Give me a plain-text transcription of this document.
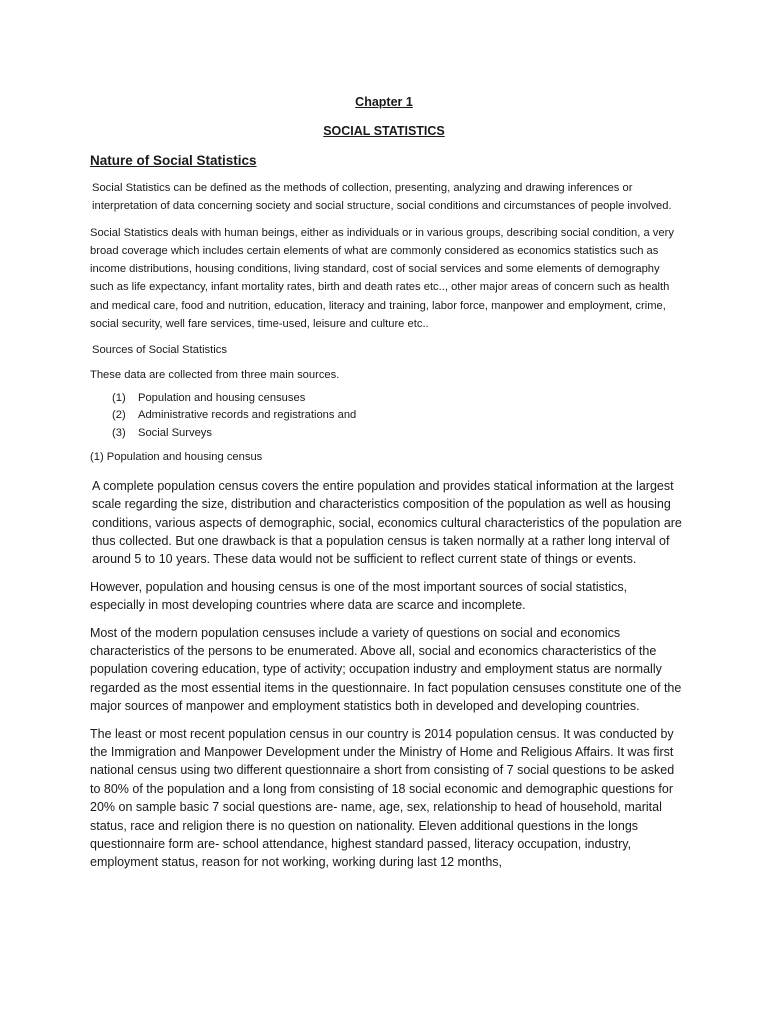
Chapter 1
SOCIAL STATISTICS
Nature of Social Statistics

Social Statistics can be defined as the methods of collection, presenting, analyzing and drawing inferences or interpretation of data concerning society and social structure, social conditions and circumstances of people involved.

Social Statistics deals with human beings, either as individuals or in various groups, describing social condition, a very broad coverage which includes certain elements of what are commonly considered as economics statistics such as income distributions, housing conditions, living standard, cost of social services and some elements of demography such as life expectancy, infant mortality rates, birth and death rates etc.., other major areas of concern such as health and medical care, food and nutrition, education, literacy and training, labor force, manpower and employment, crime, social security, well fare services, time-used, leisure and culture etc..

Sources of Social Statistics

These data are collected from three main sources.

(1) Population and housing censuses
(2) Administrative records and registrations and
(3) Social Surveys

(1) Population and housing census

A complete population census covers the entire population and provides statical information at the largest scale regarding the size, distribution and characteristics composition of the population as well as housing conditions, various aspects of demographic, social, economics cultural characteristics of the population are thus collected. But one drawback is that a population census is taken normally at a rather long interval of around 5 to 10 years. These data would not be sufficient to reflect current state of things or events.

However, population and housing census is one of the most important sources of social statistics, especially in most developing countries where data are scarce and incomplete.

Most of the modern population censuses include a variety of questions on social and economics characteristics of the persons to be enumerated. Above all, social and economics characteristics of the population covering education, type of activity; occupation industry and employment status are normally regarded as the most essential items in the questionnaire. In fact population censuses constitute one of the major sources of manpower and employment statistics both in developed and developing countries.

The least or most recent population census in our country is 2014 population census. It was conducted by the Immigration and Manpower Development under the Ministry of Home and Religious Affairs. It was first national census using two different questionnaire a short from consisting of 7 social questions to be asked to 80% of the population and a long from consisting of 18 social economic and demographic questions for 20% on sample basic 7 social questions are- name, age, sex, relationship to head of household, marital status, race and religion there is no question on nationality. Eleven additional questions in the longs questionnaire form are- school attendance, highest standard passed, literacy occupation, industry, employment status, reason for not working, working during last 12 months,
